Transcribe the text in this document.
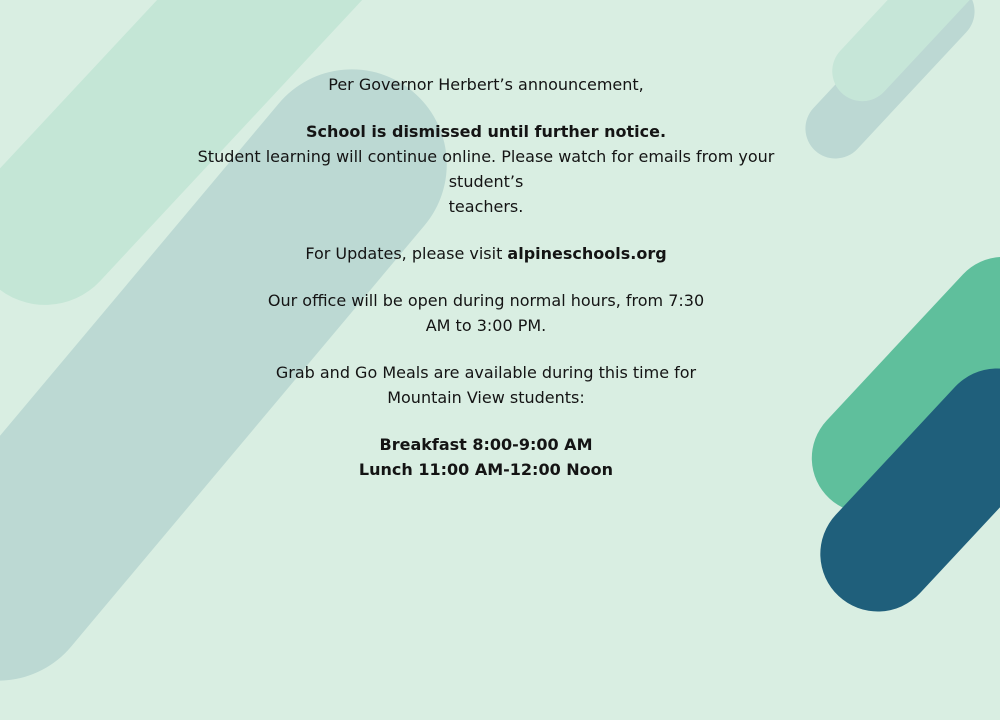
Per Governor Herbert’s announcement,

School is dismissed until further notice.

Student learning will continue online. Please watch for emails from your

student’s

teachers.

For Updates, please visit alpineschools.org

Our office will be open during normal hours, from 7:30

AM to 3:00 PM.

Grab and Go Meals are available during this time for

Mountain View students:

Breakfast 8:00-9:00 AM

Lunch 11:00 AM-12:00 Noon
